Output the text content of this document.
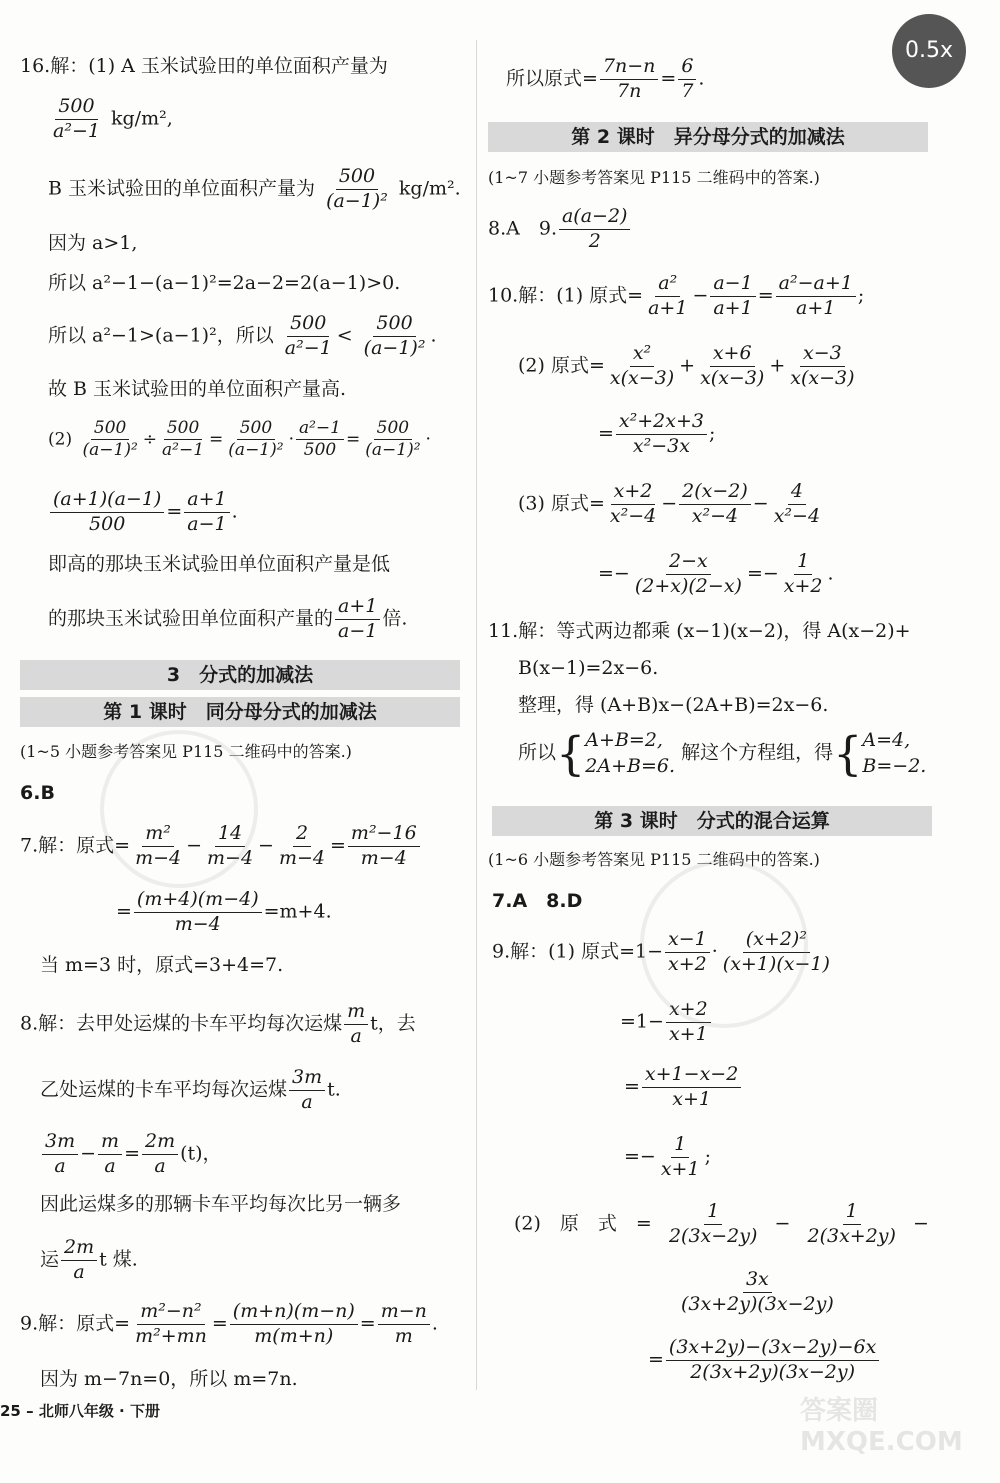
0.5x
16.解：(1) A 玉米试验田的单位面积产量为
$\frac{500}{\text{a²−1}} kg/m^2$,
B 玉米试验田的单位面积产量为 $\frac{500}{\text{(a−1)²}} kg/m^2$.
因为 a>1,
所以 a²−1−(a−1)²=2a−2=2(a−1)>0.
所以 a²−1>(a−1)²，所以 $\frac{500}{\text{a²−1}} < \frac{500}{\text{(a−1)²}}$ .
故 B 玉米试验田的单位面积产量高.
$(2) \frac{500}{\text{(a−1)²}} \div \frac{500}{\text{a²−1}} = \frac{500}{\text{(a−1)²}} \cdot \frac{\text{a²−1}}{500} = \frac{500}{\text{(a−1)²}}$ ·
$\frac{(a+1)(a-1)}{500} = \frac{a+1}{a-1}$ .
即高的那块玉米试验田单位面积产量是低
的那块玉米试验田单位面积产量的 $\frac{a+1}{a-1}$ 倍.
3　分式的加减法
第 1 课时　同分母分式的加减法
(1~5 小题参考答案见 P115 二维码中的答案.)
6.B
7.解：原式= $\frac{\text{m²}}{m-4} - \frac{14}{m-4} - \frac{2}{m-4} = \frac{\text{m²−16}}{m-4}$
= $\frac{(m+4)(m-4)}{m-4} =m+4$.
当 m=3 时，原式=3+4=7.
8.解：去甲处运煤的卡车平均每次运煤 $\frac{m}{a}$ t，去
乙处运煤的卡车平均每次运煤 $\frac{3m}{a} t$.
$\frac{3m}{a} - \frac{m}{a} = \frac{2m}{a} (t)$，
因此运煤多的那辆卡车平均每次比另一辆多
运 $\frac{2m}{a}$ t 煤.
9.解：原式= $\frac{\text{m²−n²}}{\text{m²+mn}} = \frac{(m+n)(m-n)}{m(m+n)} = \frac{m-n}{m}$ .
因为 m−7n=0，所以 m=7n.
所以原式= $\frac{7n-n}{7n} = \frac{6}{7}$ .
第 2 课时　异分母分式的加减法
(1~7 小题参考答案见 P115 二维码中的答案.)
8.A　9. $\frac{a(a-2)}{2}$
10.解：(1) 原式= $\frac{\text{a²}}{a+1} - \frac{a-1}{a+1} = \frac{\text{a²−a+1}}{a+1}$ ;
(2) 原式= $\frac{\text{x²}}{x(x-3)} + \frac{x+6}{x(x-3)} + \frac{x-3}{x(x-3)}$
= $\frac{\text{x²+2x+3}}{\text{x²−3x}}$ ;
(3) 原式= $\frac{x+2}{\text{x²−4}} - \frac{2(x-2)}{\text{x²−4}} - \frac{4}{\text{x²−4}}$
=− $\frac{2-x}{(2+x)(2-x)} =- \frac{1}{x+2}$ .
11.解：等式两边都乘 (x−1)(x−2)，得 A(x−2)+
B(x−1)=2x−6.
整理，得 (A+B)x−(2A+B)=2x−6.
所以{ A+B=2,
2A+B=6.
解这个方程组，得{ A=4,
B=−2.
第 3 课时　分式的混合运算
(1~6 小题参考答案见 P115 二维码中的答案.)
7.A　8.D
9.解：(1) 原式$=1- \frac{x-1}{x+2} \cdot \frac{\text{(x+2)²}}{(x+1)(x-1)}$
$=1- \frac{x+2}{x+1}$
= $\frac{x+1-x-2}{x+1}$
=− $\frac{1}{x+1}$ ;
(2)　原　式　= $\frac{1}{2(3x-2y)} - \frac{1}{2(3x+2y)}$ −
$\frac{3x}{(3x+2y)(3x-2y)}$
= $\frac{(3x+2y)-(3x-2y)-6x}{2(3x+2y)(3x-2y)}$
25 – 北师八年级 · 下册	答案圈 MXQE.COM
